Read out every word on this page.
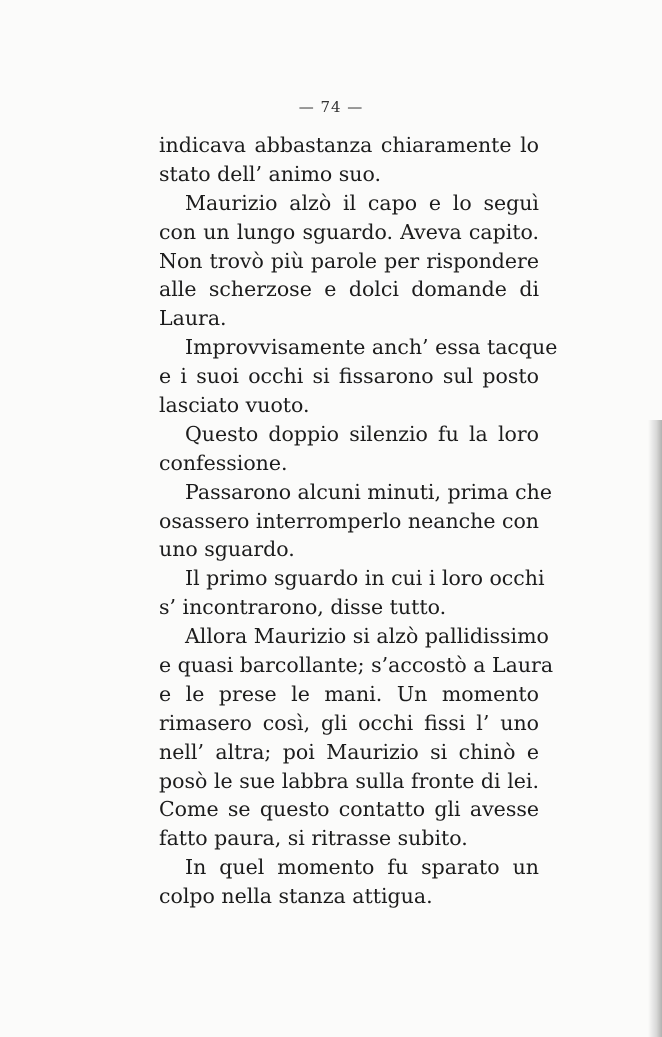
— 74 —
indicava abbastanza chiaramente lo
stato dell’ animo suo.
Maurizio alzò il capo e lo seguì
con un lungo sguardo. Aveva capito.
Non trovò più parole per rispondere
alle scherzose e dolci domande di
Laura.
Improvvisamente anch’ essa tacque
e i suoi occhi si fissarono sul posto
lasciato vuoto.
Questo doppio silenzio fu la loro
confessione.
Passarono alcuni minuti, prima che
osassero interromperlo neanche con
uno sguardo.
Il primo sguardo in cui i loro occhi
s’ incontrarono, disse tutto.
Allora Maurizio si alzò pallidissimo
e quasi barcollante; s’accostò a Laura
e le prese le mani. Un momento
rimasero così, gli occhi fissi l’ uno
nell’ altra; poi Maurizio si chinò e
posò le sue labbra sulla fronte di lei.
Come se questo contatto gli avesse
fatto paura, si ritrasse subito.
In quel momento fu sparato un
colpo nella stanza attigua.
